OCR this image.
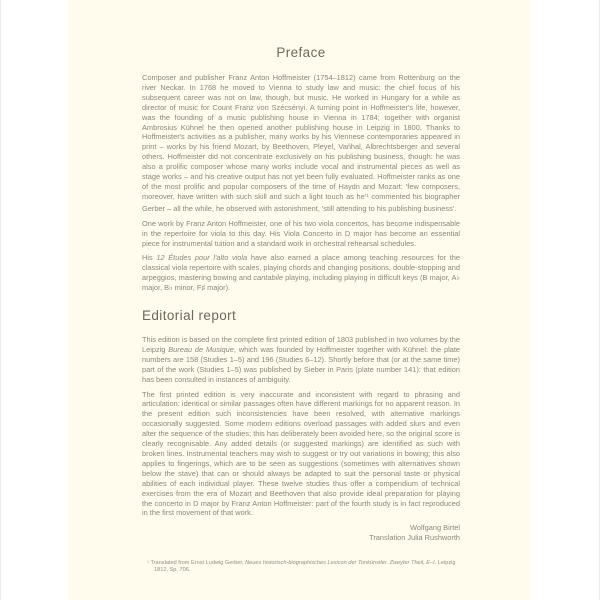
Preface

Composer and publisher Franz Anton Hoffmeister (1754–1812) came from Rottenburg on the river Neckar. In 1768 he moved to Vienna to study law and music: the chief focus of his subsequent career was not on law, though, but music. He worked in Hungary for a while as director of music for Count Franz von Szécsényi. A turning point in Hoffmeister's life, however, was the founding of a music publishing house in Vienna in 1784; together with organist Ambrosius Kühnel he then opened another publishing house in Leipzig in 1800. Thanks to Hoffmeister's activities as a publisher, many works by his Viennese contemporaries appeared in print – works by his friend Mozart, by Beethoven, Pleyel, Vaňhal, Albrechtsberger and several others. Hoffmeister did not concentrate exclusively on his publishing business, though: he was also a prolific composer whose many works include vocal and instrumental pieces as well as stage works – and his creative output has not yet been fully evaluated. Hoffmeister ranks as one of the most prolific and popular composers of the time of Haydn and Mozart: 'few composers, moreover, have written with such skill and such a light touch as $he'^1$ commented his biographer Gerber – all the while, he observed with astonishment, 'still attending to his publishing business'.

One work by Franz Anton Hoffmeister, one of his two viola concertos, has become indispensable in the repertoire for viola to this day. His Viola Concerto in D major has become an essential piece for instrumental tuition and a standard work in orchestral rehearsal schedules.

His 12 Études pour l'alto viola have also earned a place among teaching resources for the classical viola repertoire with scales, playing chords and changing positions, double-stopping and arpeggios, mastering bowing and cantabile playing, including playing in difficult keys (B major, A♭ major, B♭ minor, F♯ major).

Editorial report

This edition is based on the complete first printed edition of 1803 published in two volumes by the Leipzig Bureau de Musique, which was founded by Hoffmeister together with Kühnel: the plate numbers are 158 (Studies 1–5) and 196 (Studies 6–12). Shortly before that (or at the same time) part of the work (Studies 1–5) was published by Sieber in Paris (plate number 141): that edition has been consulted in instances of ambiguity.

The first printed edition is very inaccurate and inconsistent with regard to phrasing and articulation: identical or similar passages often have different markings for no apparent reason. In the present edition such inconsistencies have been resolved, with alternative markings occasionally suggested. Some modern editions overload passages with added slurs and even alter the sequence of the studies; this has deliberately been avoided here, so the original score is clearly recognisable. Any added details (or suggested markings) are identified as such with broken lines. Instrumental teachers may wish to suggest or try out variations in bowing; this also applies to fingerings, which are to be seen as suggestions (sometimes with alternatives shown below the stave) that can or should always be adapted to suit the personal taste or physical abilities of each individual player. These twelve studies thus offer a compendium of technical exercises from the era of Mozart and Beethoven that also provide ideal preparation for playing the concerto in D major by Franz Anton Hoffmeister: part of the fourth study is in fact reproduced in the first movement of that work.

Wolfgang Birtel
Translation Julia Rushworth
$^1$ Translated from Ernst Ludwig Gerber, Neues historisch-biographisches Lexicon der Tonkünstler. Zweyter Theil, E–I. Leipzig 1812, Sp. 706.
